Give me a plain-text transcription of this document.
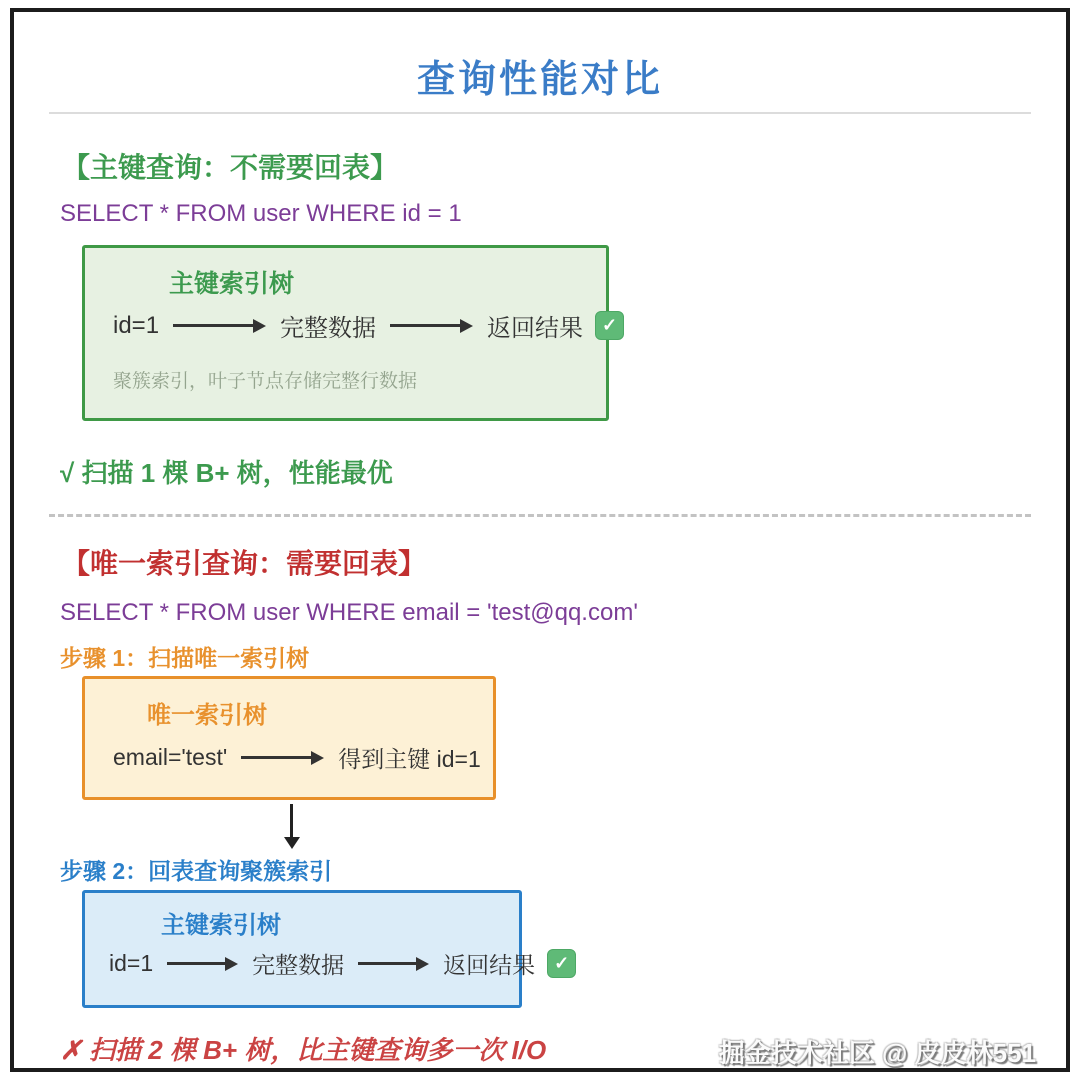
查询性能对比
【主键查询：不需要回表】
SELECT * FROM user WHERE id = 1
主键索引树
id=1	完整数据	返回结果	✓
聚簇索引，叶子节点存储完整行数据
√ 扫描 1 棵 B+ 树，性能最优
【唯一索引查询：需要回表】
SELECT * FROM user WHERE email = 'test@qq.com'
步骤 1：扫描唯一索引树
唯一索引树
email='test'	得到主键 id=1
步骤 2：回表查询聚簇索引
主键索引树
id=1	完整数据	返回结果	✓
✗ 扫描 2 棵 B+ 树，比主键查询多一次 I/O	掘金技术社区 @ 皮皮林551
